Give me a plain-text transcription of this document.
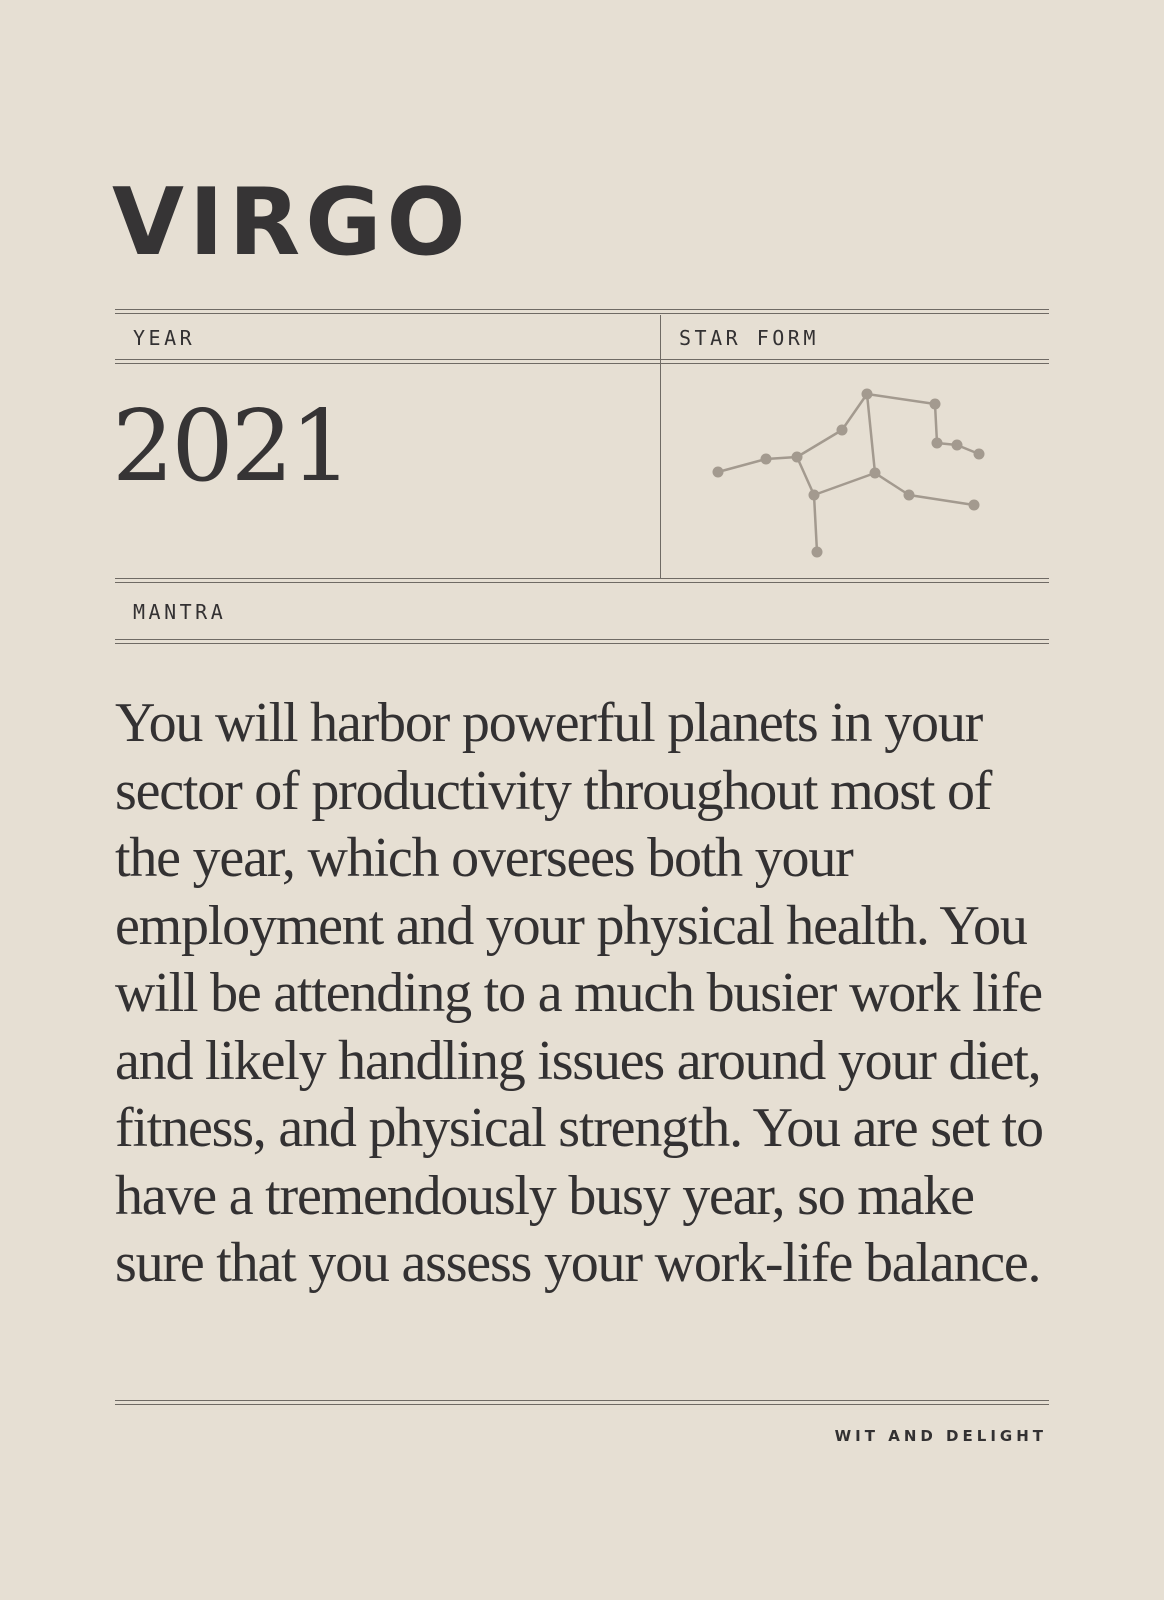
VIRGO
YEAR	STAR FORM
2021
MANTRA

You will harbor powerful planets in your sector of productivity throughout most of the year, which oversees both your employment and your physical health. You will be attending to a much busier work life and likely handling issues around your diet, fitness, and physical strength. You are set to have a tremendously busy year, so make sure that you assess your work-life balance.

WIT AND DELIGHT
